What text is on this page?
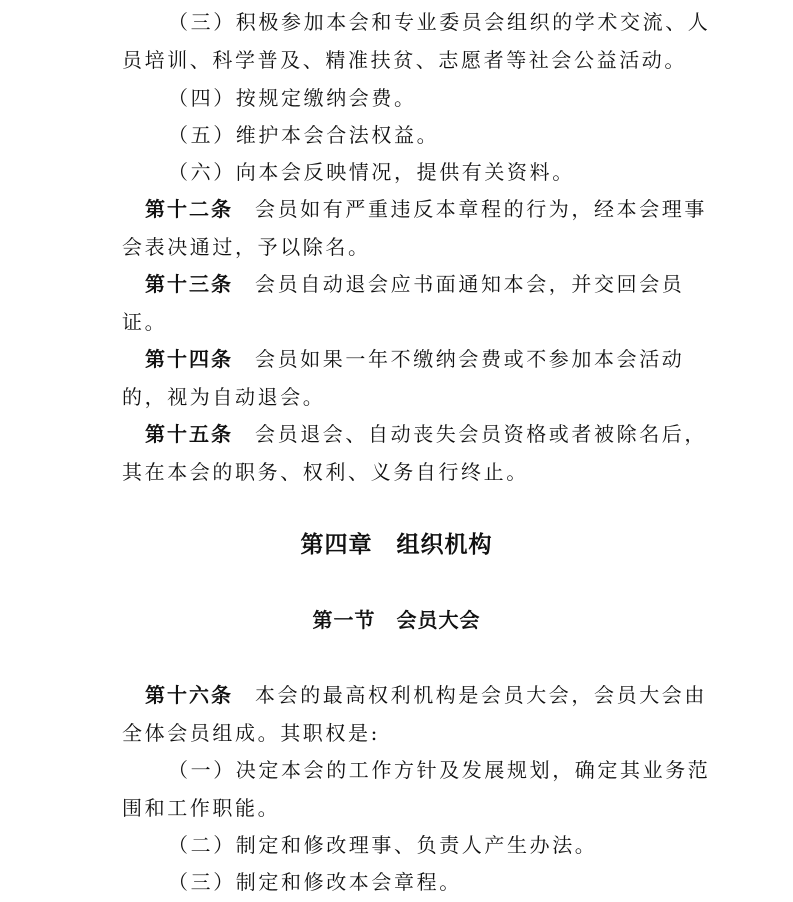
（三）积极参加本会和专业委员会组织的学术交流、人
员培训、科学普及、精准扶贫、志愿者等社会公益活动。
（四）按规定缴纳会费。
（五）维护本会合法权益。
（六）向本会反映情况，提供有关资料。
第十二条 会员如有严重违反本章程的行为，经本会理事
会表决通过，予以除名。
第十三条 会员自动退会应书面通知本会，并交回会员
证。
第十四条 会员如果一年不缴纳会费或不参加本会活动
的，视为自动退会。
第十五条 会员退会、自动丧失会员资格或者被除名后，
其在本会的职务、权利、义务自行终止。
第四章　组织机构
第一节　会员大会
第十六条 本会的最高权利机构是会员大会，会员大会由
全体会员组成。其职权是:
（一）决定本会的工作方针及发展规划，确定其业务范
围和工作职能。
（二）制定和修改理事、负责人产生办法。
（三）制定和修改本会章程。
